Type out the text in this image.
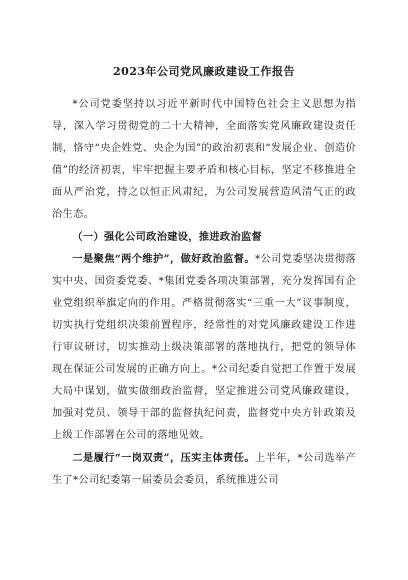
2023年公司党风廉政建设工作报告

*公司党委坚持以习近平新时代中国特色社会主义思想为指导，深入学习贯彻党的二十大精神，全面落实党风廉政建设责任制，恪守“央企姓党、央企为国”的政治初衷和“发展企业、创造价值”的经济初衷，牢牢把握主要矛盾和核心目标，坚定不移推进全面从严治党，持之以恒正风肃纪，为公司发展营造风清气正的政治生态。

（一）强化公司政治建设，推进政治监督

一是聚焦“两个维护”，做好政治监督。*公司党委坚决贯彻落实中央、国资委党委、*集团党委各项决策部署，充分发挥国有企业党组织举旗定向的作用。严格贯彻落实“三重一大”议事制度，切实执行党组织决策前置程序，经常性的对党风廉政建设工作进行审议研讨，切实推动上级决策部署的落地执行，把党的领导体现在保证公司发展的正确方向上。*公司纪委自觉把工作置于发展大局中谋划，做实做细政治监督，坚定推进公司党风廉政建设，加强对党员、领导干部的监督执纪问责，监督党中央方针政策及上级工作部署在公司的落地见效。

二是履行“一岗双责”，压实主体责任。上半年，*公司选举产生了*公司纪委第一届委员会委员，系统推进公司
